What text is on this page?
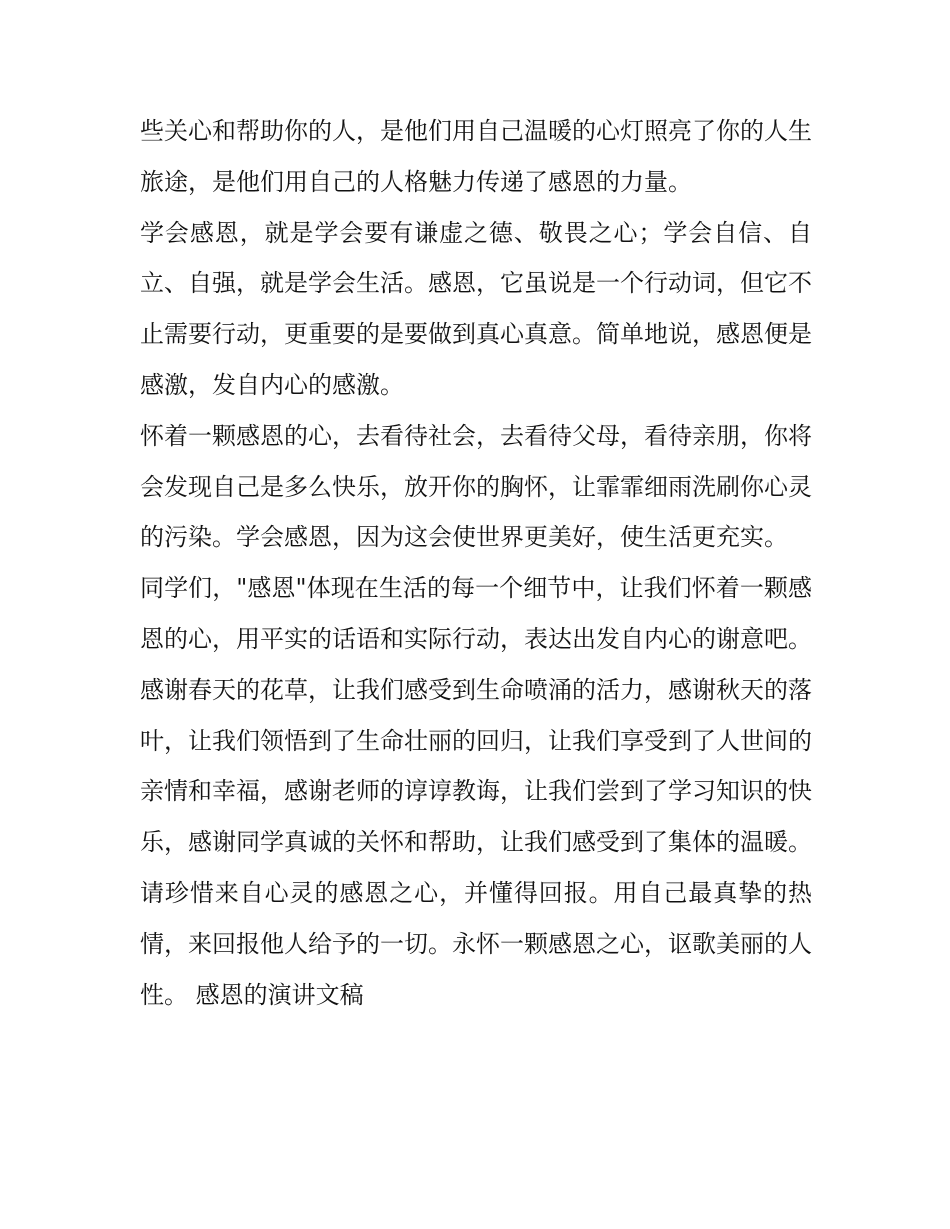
些关心和帮助你的人，是他们用自己温暖的心灯照亮了你的人生旅途，是他们用自己的人格魅力传递了感恩的力量。

学会感恩，就是学会要有谦虚之德、敬畏之心；学会自信、自立、自强，就是学会生活。感恩，它虽说是一个行动词，但它不止需要行动，更重要的是要做到真心真意。简单地说，感恩便是感激，发自内心的感激。

怀着一颗感恩的心，去看待社会，去看待父母，看待亲朋，你将会发现自己是多么快乐，放开你的胸怀，让霏霏细雨洗刷你心灵的污染。学会感恩，因为这会使世界更美好，使生活更充实。

同学们，"感恩"体现在生活的每一个细节中，让我们怀着一颗感恩的心，用平实的话语和实际行动，表达出发自内心的谢意吧。感谢春天的花草，让我们感受到生命喷涌的活力，感谢秋天的落叶，让我们领悟到了生命壮丽的回归，让我们享受到了人世间的亲情和幸福，感谢老师的谆谆教诲，让我们尝到了学习知识的快乐，感谢同学真诚的关怀和帮助，让我们感受到了集体的温暖。

请珍惜来自心灵的感恩之心，并懂得回报。用自己最真挚的热情，来回报他人给予的一切。永怀一颗感恩之心，讴歌美丽的人性。 感恩的演讲文稿
